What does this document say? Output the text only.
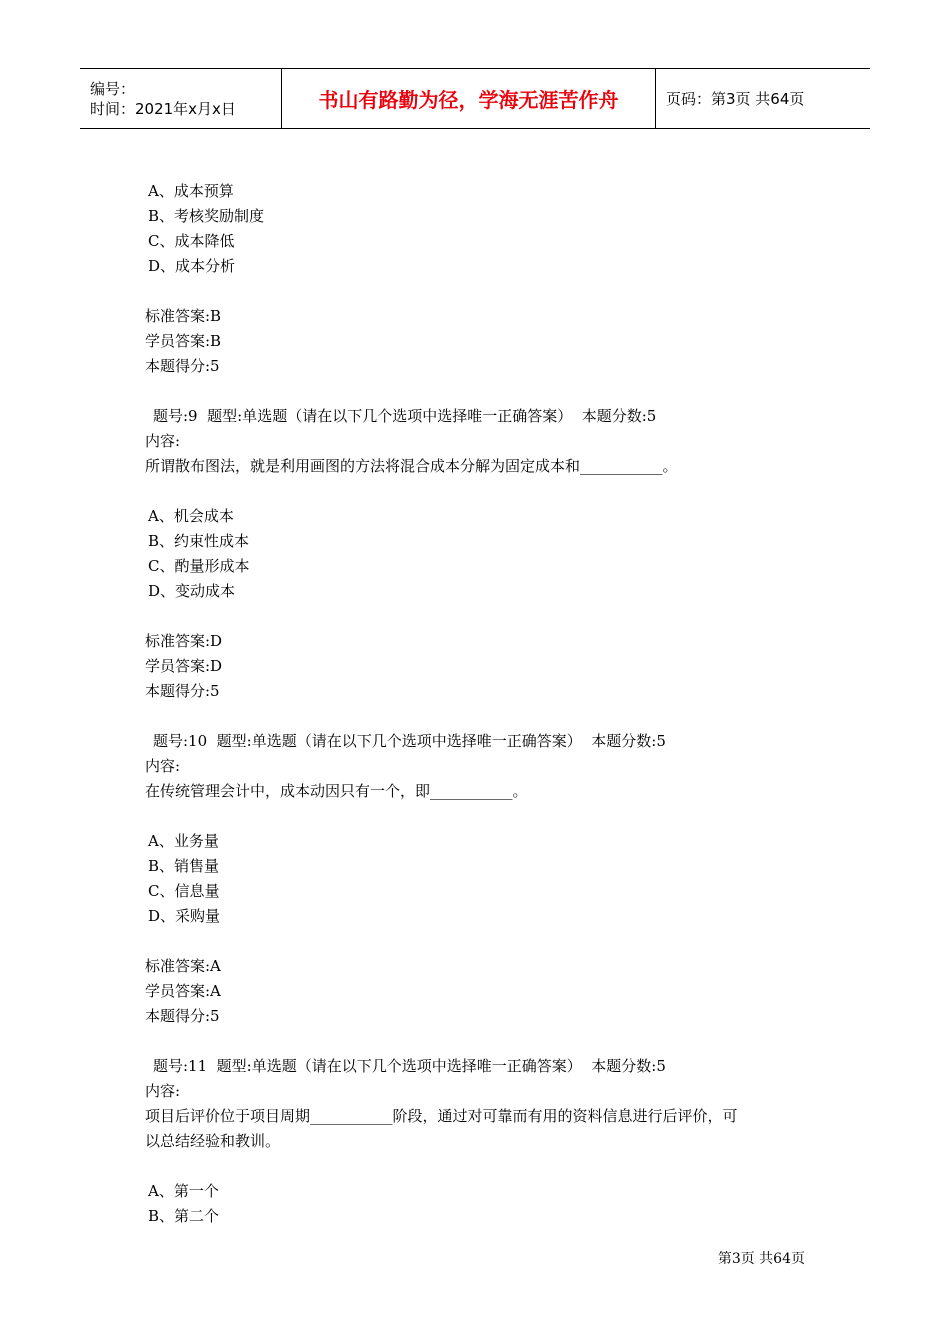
编号：
时间：2021年x月x日	书山有路勤为径，学海无涯苦作舟	页码：第3页 共64页
A、成本预算
B、考核奖励制度
C、成本降低
D、成本分析
标准答案:B
学员答案:B
本题得分:5
题号:9  题型:单选题（请在以下几个选项中选择唯一正确答案）  本题分数:5
内容:
所谓散布图法，就是利用画图的方法将混合成本分解为固定成本和___________。
A、机会成本
B、约束性成本
C、酌量形成本
D、变动成本
标准答案:D
学员答案:D
本题得分:5
题号:10  题型:单选题（请在以下几个选项中选择唯一正确答案）  本题分数:5
内容:
在传统管理会计中，成本动因只有一个，即___________。
A、业务量
B、销售量
C、信息量
D、采购量
标准答案:A
学员答案:A
本题得分:5
题号:11  题型:单选题（请在以下几个选项中选择唯一正确答案）  本题分数:5
内容:
项目后评价位于项目周期___________阶段，通过对可靠而有用的资料信息进行后评价，可
以总结经验和教训。
A、第一个
B、第二个
第3页 共64页
